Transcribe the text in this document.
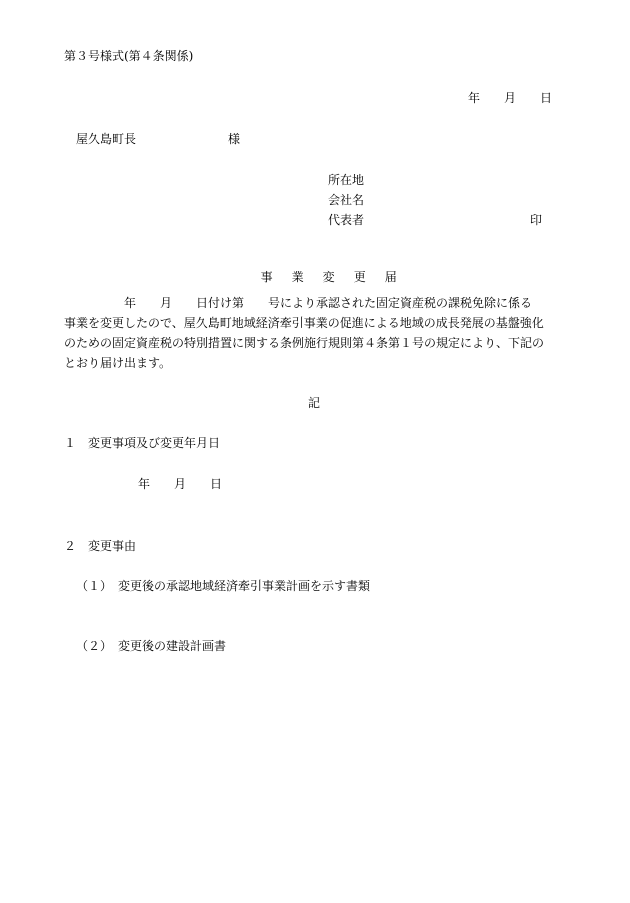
第３号様式(第４条関係)
年　　月　　日
屋久島町長	様
所在地
会社名
代表者	印

事 業 変 更 届

　　　　　年　　月　　日付け第　　号により承認された固定資産税の課税免除に係る
事業を変更したので、屋久島町地域経済牽引事業の促進による地域の成長発展の基盤強化
のための固定資産税の特別措置に関する条例施行規則第４条第１号の規定により、下記の
とおり届け出ます。
記
１　変更事項及び変更年月日
年　　月　　日
２　変更事由
（１）　変更後の承認地域経済牽引事業計画を示す書類
（２）　変更後の建設計画書
